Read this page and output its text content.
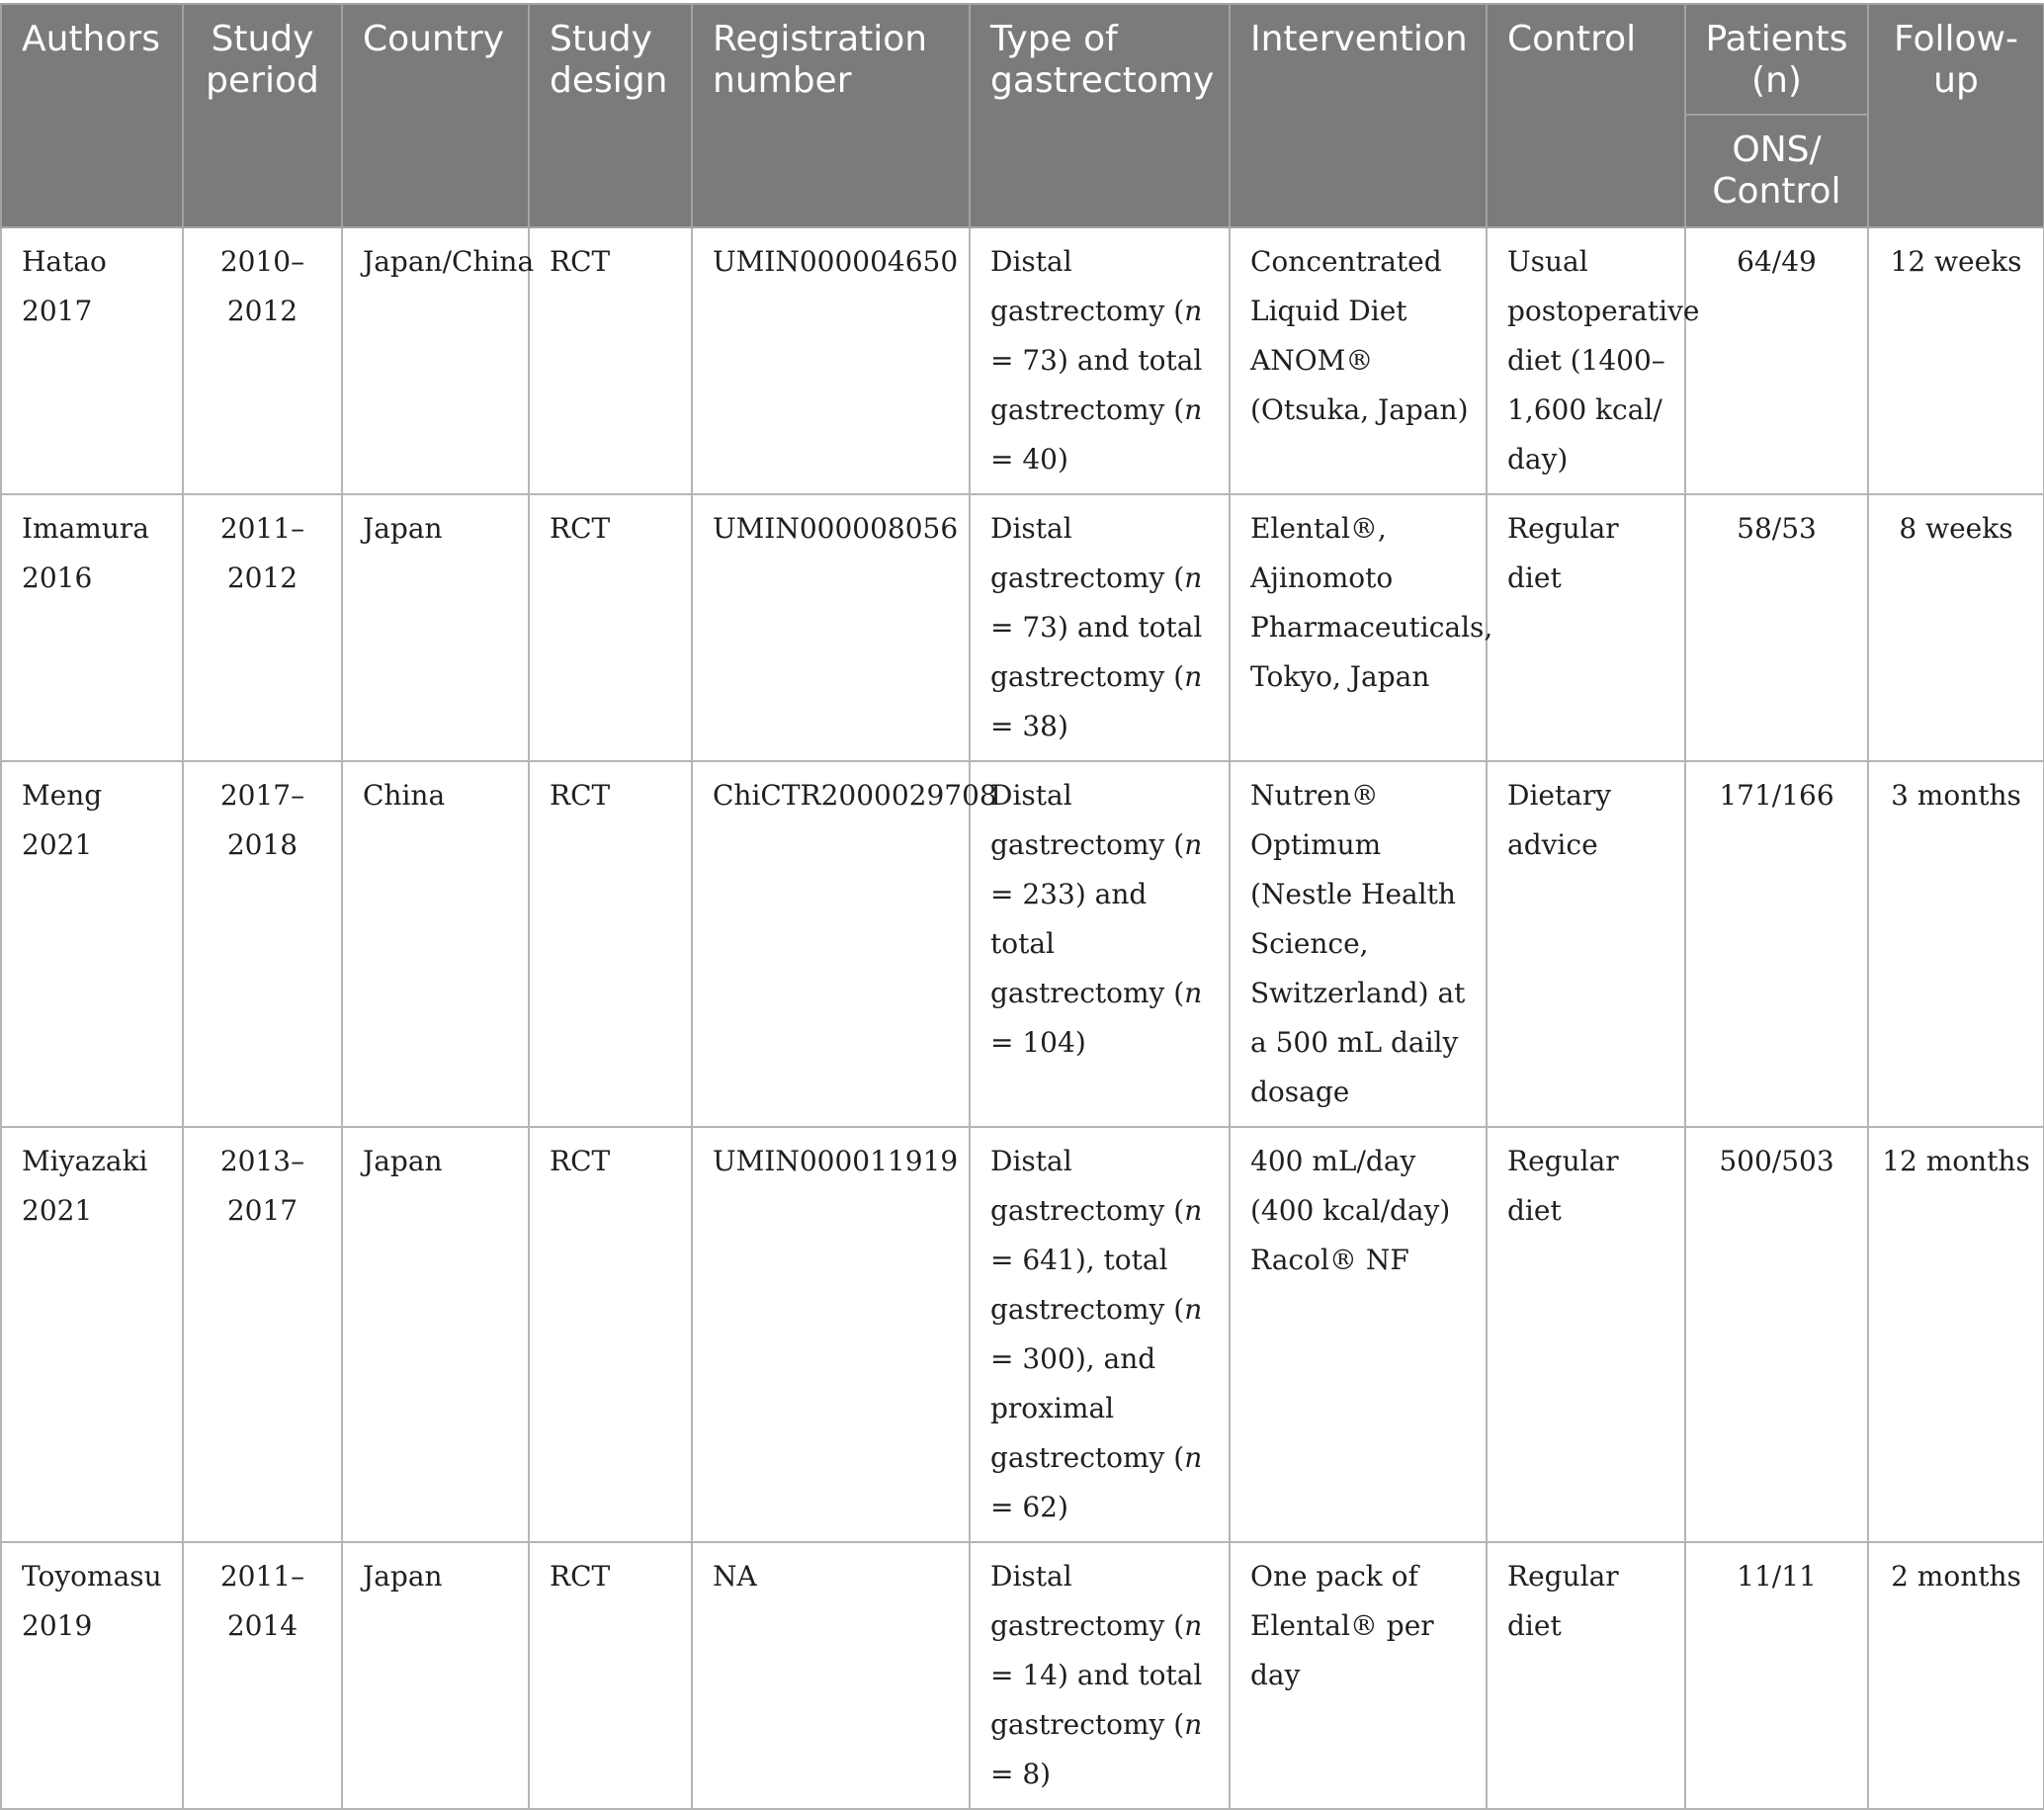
Authors	Study period	Country	Study design	Registration number	Type of gastrectomy	Intervention	Control	Patients (n)	Follow-up
								ONS/ Control	
Hatao 2017	2010–2012	Japan/China	RCT	UMIN000004650	Distal gastrectomy (n = 73) and total gastrectomy (n = 40)	Concentrated Liquid Diet ANOM® (Otsuka, Japan)	Usual postoperative diet (1400–1,600 kcal/ day)	64/49	12 weeks
Imamura 2016	2011–2012	Japan	RCT	UMIN000008056	Distal gastrectomy (n = 73) and total gastrectomy (n = 38)	Elental®, Ajinomoto Pharmaceuticals, Tokyo, Japan	Regular diet	58/53	8 weeks
Meng 2021	2017–2018	China	RCT	ChiCTR2000029708	Distal gastrectomy (n = 233) and total gastrectomy (n = 104)	Nutren® Optimum (Nestle Health Science, Switzerland) at a 500 mL daily dosage	Dietary advice	171/166	3 months
Miyazaki 2021	2013–2017	Japan	RCT	UMIN000011919	Distal gastrectomy (n = 641), total gastrectomy (n = 300), and proximal gastrectomy (n = 62)	400 mL/day (400 kcal/day) Racol® NF	Regular diet	500/503	12 months
Toyomasu 2019	2011–2014	Japan	RCT	NA	Distal gastrectomy (n = 14) and total gastrectomy (n = 8)	One pack of Elental® per day	Regular diet	11/11	2 months
